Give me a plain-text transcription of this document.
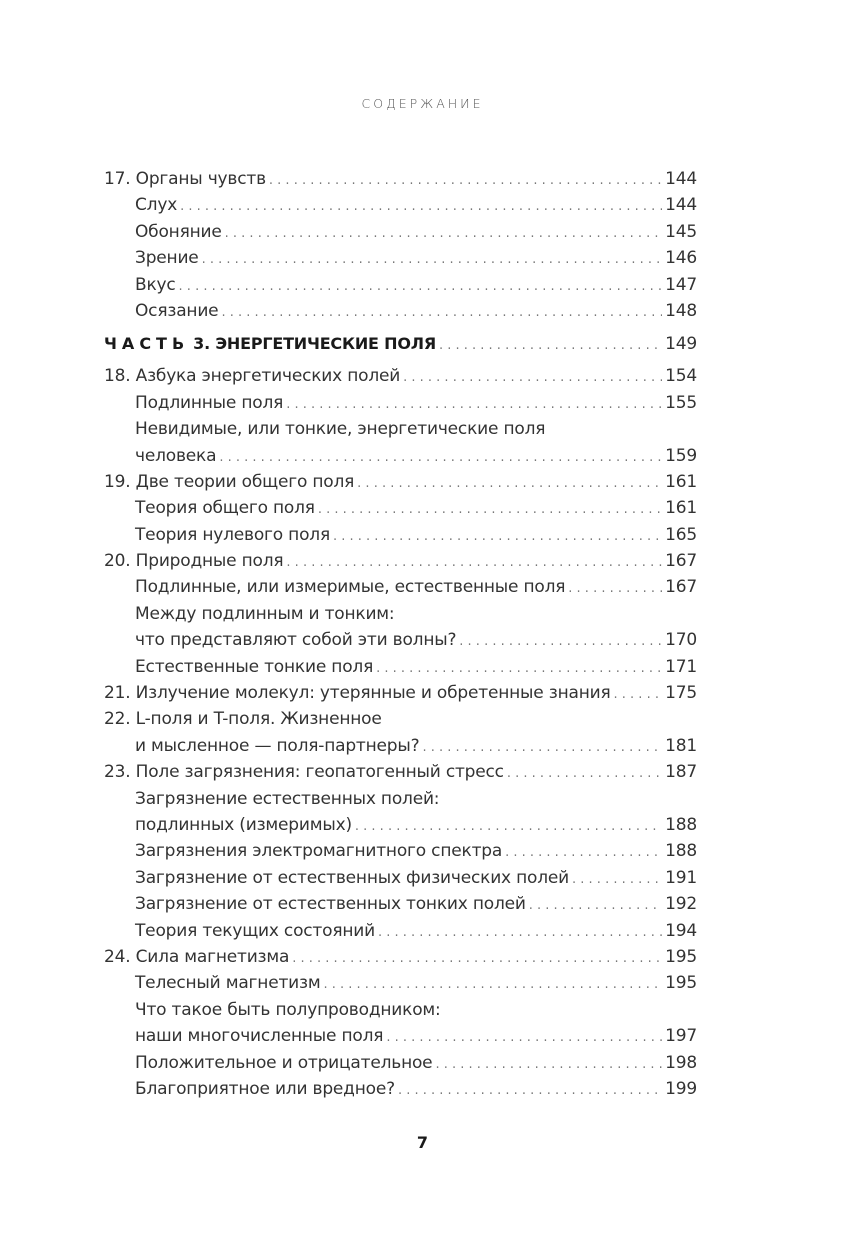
СОДЕРЖАНИЕ
17. Органы чувств . . .	144
Слух . . .	144
Обоняние . . .	145
Зрение . . .	146
Вкус . . .	147
Осязание . . .	148
ЧАСТЬ 3. ЭНЕРГЕТИЧЕСКИЕ ПОЛЯ . . .	149
18. Азбука энергетических полей . . .	154
Подлинные поля . . .	155
Невидимые, или тонкие, энергетические поля
человека . . .	159
19. Две теории общего поля . . .	161
Теория общего поля . . .	161
Теория нулевого поля . . .	165
20. Природные поля . . .	167
Подлинные, или измеримые, естественные поля . . .	167
Между подлинным и тонким:
что представляют собой эти волны? . . .	170
Естественные тонкие поля . . .	171
21. Излучение молекул: утерянные и обретенные знания . . .	175
22. L-поля и T-поля. Жизненное
и мысленное — поля-партнеры? . . .	181
23. Поле загрязнения: геопатогенный стресс . . .	187
Загрязнение естественных полей:
подлинных (измеримых) . . .	188
Загрязнения электромагнитного спектра . . .	188
Загрязнение от естественных физических полей . . .	191
Загрязнение от естественных тонких полей . . .	192
Теория текущих состояний . . .	194
24. Сила магнетизма . . .	195
Телесный магнетизм . . .	195
Что такое быть полупроводником:
наши многочисленные поля . . .	197
Положительное и отрицательное . . .	198
Благоприятное или вредное? . . .	199
7
